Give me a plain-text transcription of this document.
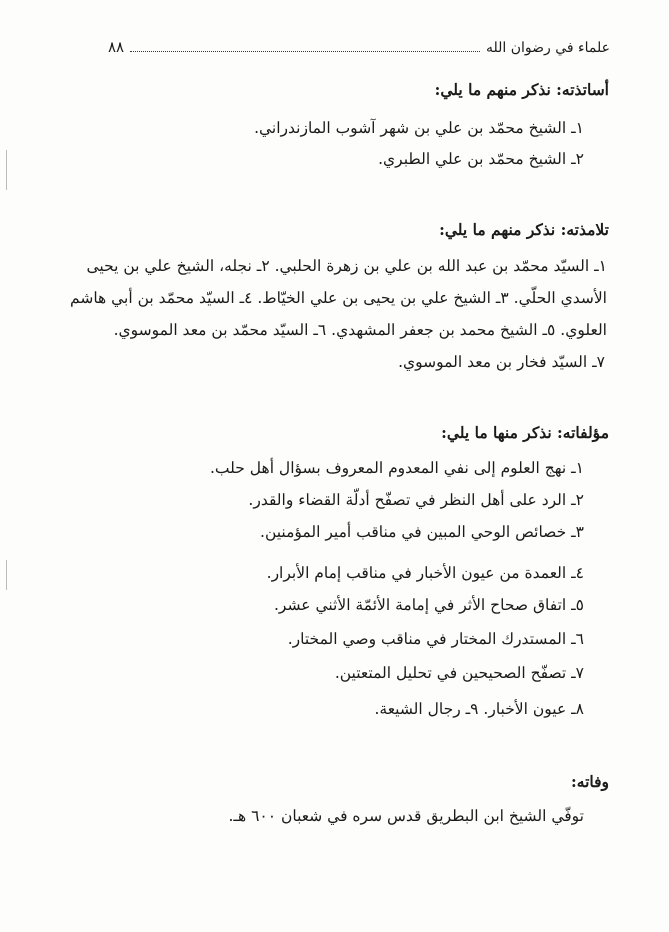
علماء في رضوان الله
٨٨
أساتذته: نذكر منهم ما يلي:
١ـ الشيخ محمّد بن علي بن شهر آشوب المازندراني.
٢ـ الشيخ محمّد بن علي الطبري.
تلامذته: نذكر منهم ما يلي:
١ـ السيّد محمّد بن عبد الله بن علي بن زهرة الحلبي. ٢ـ نجله، الشيخ علي بن يحيى
الأسدي الحلّي. ٣ـ الشيخ علي بن يحيى بن علي الخيّاط. ٤ـ السيّد محمّد بن أبي هاشم
العلوي. ٥ـ الشيخ محمد بن جعفر المشهدي. ٦ـ السيّد محمّد بن معد الموسوي.
٧ـ السيّد فخار بن معد الموسوي.
مؤلفاته: نذكر منها ما يلي:
١ـ نهج العلوم إلى نفي المعدوم المعروف بسؤال أهل حلب.
٢ـ الرد على أهل النظر في تصفّح أدلّة القضاء والقدر.
٣ـ خصائص الوحي المبين في مناقب أمير المؤمنين.
٤ـ العمدة من عيون الأخبار في مناقب إمام الأبرار.
٥ـ اتفاق صحاح الأثر في إمامة الأئمّة الأثني عشر.
٦ـ المستدرك المختار في مناقب وصي المختار.
٧ـ تصفّح الصحيحين في تحليل المتعتين.
٨ـ عيون الأخبار. ٩ـ رجال الشيعة.
وفاته:
توفّي الشيخ ابن البطريق قدس سره في شعبان ٦٠٠ هـ.
